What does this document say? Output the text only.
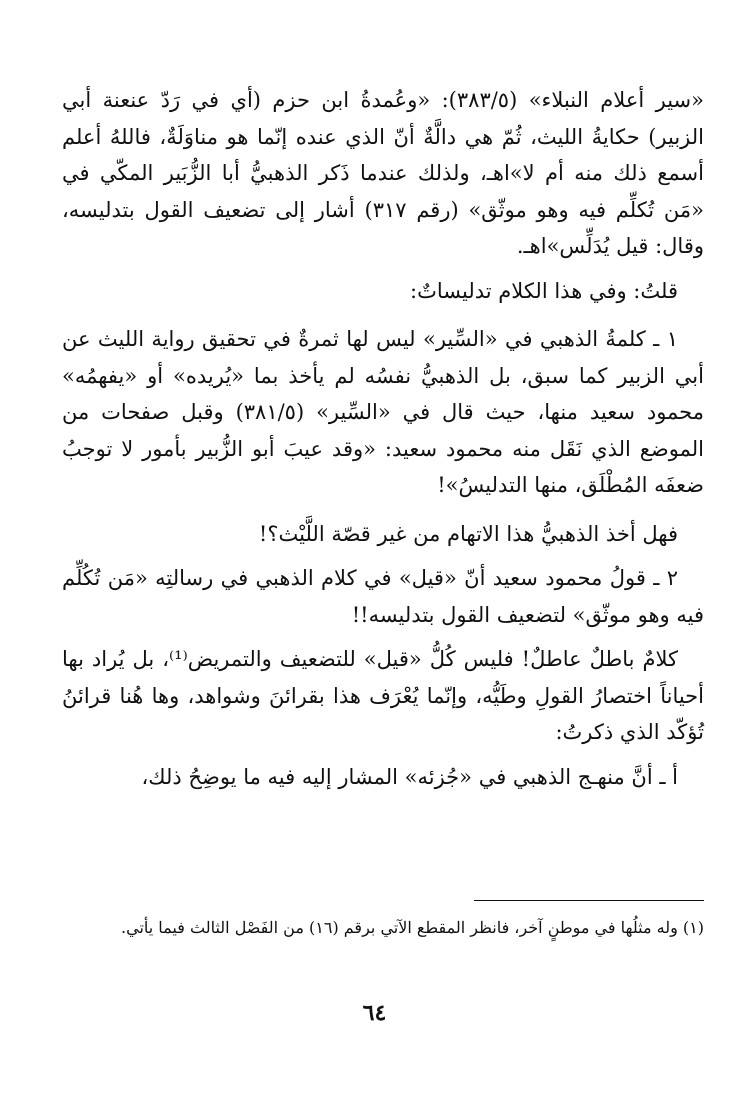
«سير أعلام النبلاء» (٣٨٣/٥): «وعُمدةُ ابن حزم (أي في رَدّ عنعنة أبي الزبير) حكايةُ الليث، ثُمّ هي دالَّةٌ أنّ الذي عنده إنّما هو مناوَلَةٌ، فاللهُ أعلم أسمع ذلك منه أم لا»اهـ، ولذلك عندما ذَكر الذهبيُّ أبا الزُّبَير المكّي في «مَن تُكلِّم فيه وهو موثّق» (رقم ٣١٧) أشار إلى تضعيف القول بتدليسه، وقال: قيل يُدَلِّس»اهـ.

قلتُ: وفي هذا الكلام تدليساتٌ:

١ ـ كلمةُ الذهبي في «السِّير» ليس لها ثمرةٌ في تحقيق رواية الليث عن أبي الزبير كما سبق، بل الذهبيُّ نفسُه لم يأخذ بما «يُريده» أو «يفهمُه» محمود سعيد منها، حيث قال في «السِّير» (٣٨١/٥) وقبل صفحات من الموضع الذي نَقَل منه محمود سعيد: «وقد عيبَ أبو الزُّبير بأمور لا توجبُ ضعفَه المُطْلَق، منها التدليسُ»!

فهل أخذ الذهبيُّ هذا الاتهام من غير قصّة اللَّيْث؟!

٢ ـ قولُ محمود سعيد أنّ «قيل» في كلام الذهبي في رسالتِه «مَن تُكُلِّم فيه وهو موثّق» لتضعيف القول بتدليسه!!

كلامٌ باطلٌ عاطلٌ! فليس كُلُّ «قيل» للتضعيف والتمريض⁽¹⁾، بل يُراد بها أحياناً اختصارُ القولِ وطَيُّه، وإنّما يُعْرَف هذا بقرائنَ وشواهد، وها هُنا قرائنُ تُؤكّد الذي ذكرتُ:

أ ـ أنَّ منهـج الذهبي في «جُزئه» المشار إليه فيه ما يوضِحُ ذلك،

(١) وله مثلُها في موطنٍ آخر، فانظر المقطع الآتي برقم (١٦) من الفَصْل الثالث فيما يأتي.

٦٤
